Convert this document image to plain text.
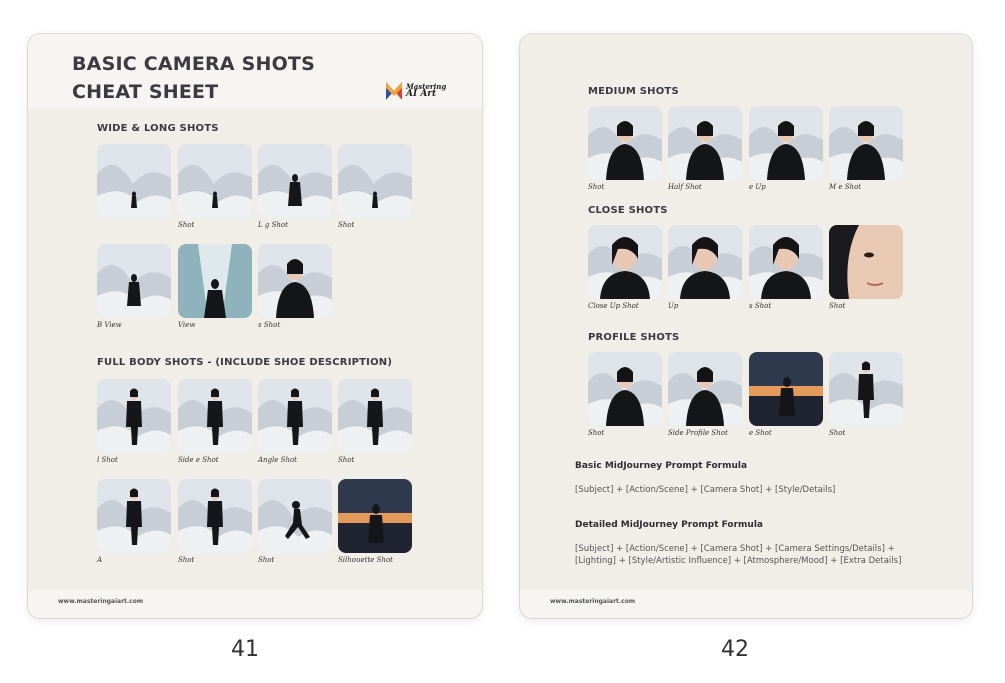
BASIC CAMERA SHOTS
CHEAT SHEET	Mastering
AI Art
WIDE & LONG SHOTS
FULL BODY SHOTS - (INCLUDE SHOE DESCRIPTION)
www.masteringaiart.com
Shot	L g Shot	Shot
B View	View	s Shot
l Shot	Side e Shot	Angle Shot	Shot
A	Shot	Shot	Silhouette Shot
MEDIUM SHOTS
CLOSE SHOTS
PROFILE SHOTS
Basic MidJourney Prompt Formula
[Subject] + [Action/Scene] + [Camera Shot] + [Style/Details]
Detailed MidJourney Prompt Formula
[Subject] + [Action/Scene] + [Camera Shot] + [Camera Settings/Details] +
[Lighting] + [Style/Artistic Influence] + [Atmosphere/Mood] + [Extra Details]
www.masteringaiart.com
Shot	Half Shot	e Up	M e Shot
Close Up Shot	Up	s Shot	Shot
Shot	Side Profile Shot	e Shot	Shot
41	42
